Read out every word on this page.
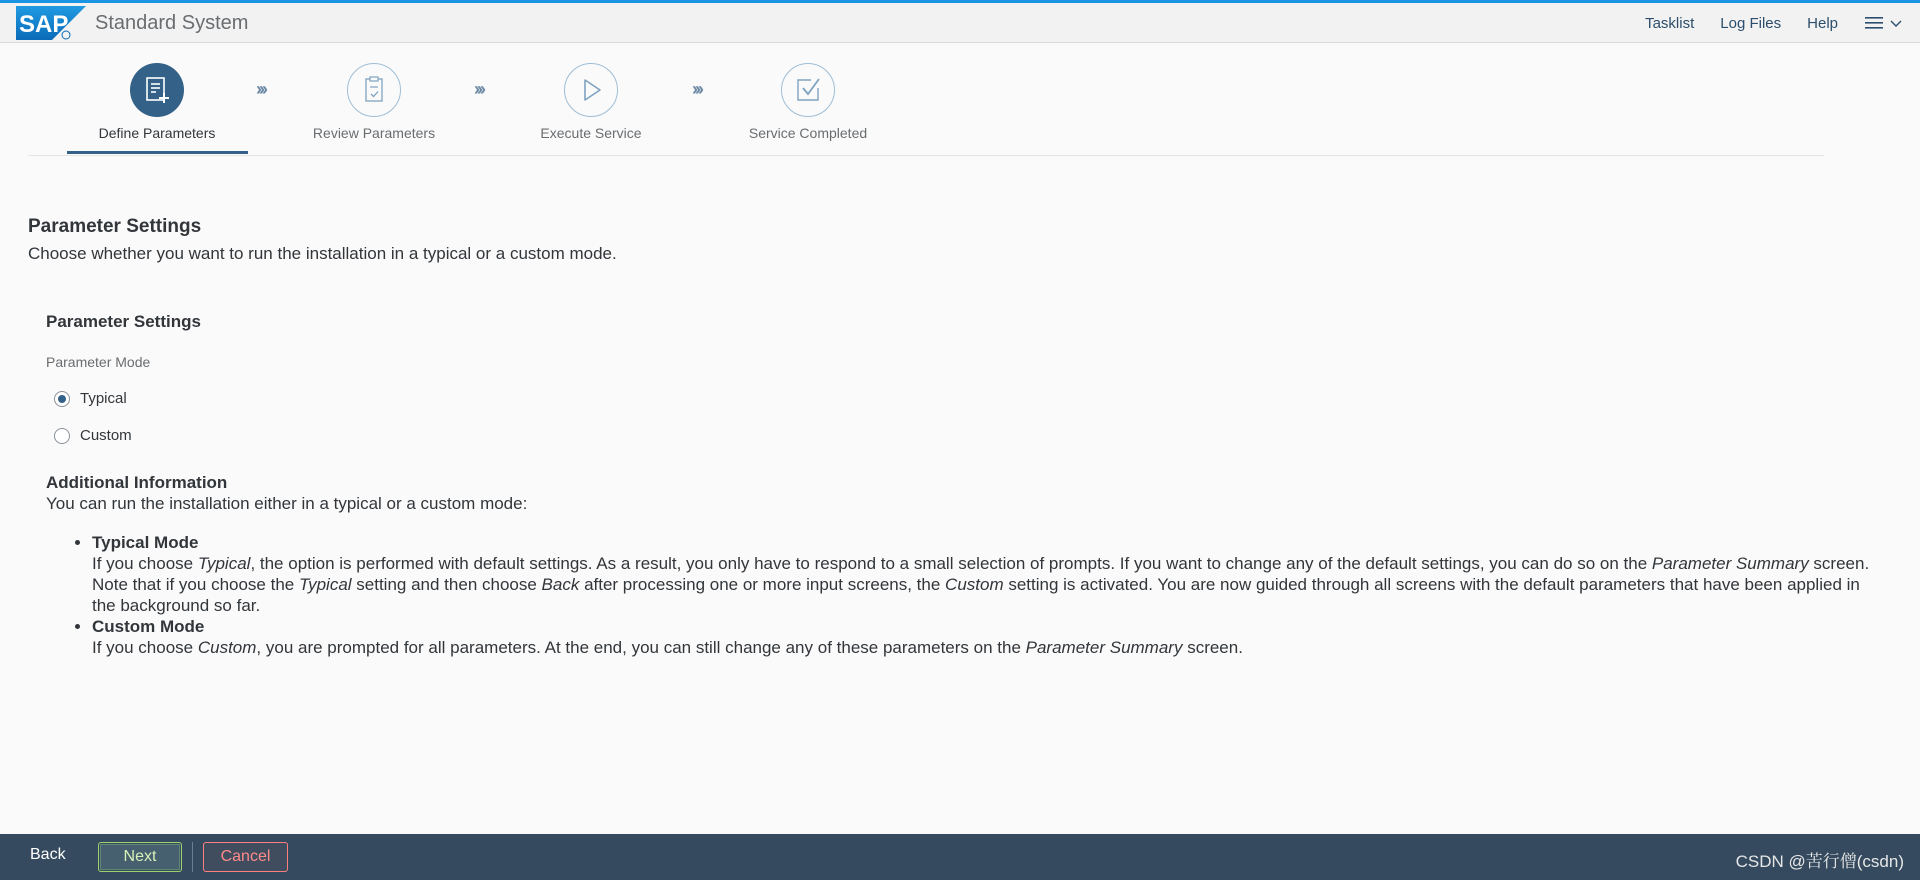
SAP Standard System	Tasklist Log Files Help
Define Parameters
›››
Review Parameters
›››
Execute Service
›››
Service Completed
Parameter Settings
Choose whether you want to run the installation in a typical or a custom mode.
Parameter Settings
Parameter Mode
Typical
Custom
Additional Information
You can run the installation either in a typical or a custom mode:
• Typical Mode
If you choose Typical, the option is performed with default settings. As a result, you only have to respond to a small selection of prompts. If you want to change any of the default settings, you can do so on the Parameter Summary screen.
Note that if you choose the Typical setting and then choose Back after processing one or more input screens, the Custom setting is activated. You are now guided through all screens with the default parameters that have been applied in the background so far.
• Custom Mode
If you choose Custom, you are prompted for all parameters. At the end, you can still change any of these parameters on the Parameter Summary screen.
Back	Next	Cancel	CSDN @苦行僧(csdn)
